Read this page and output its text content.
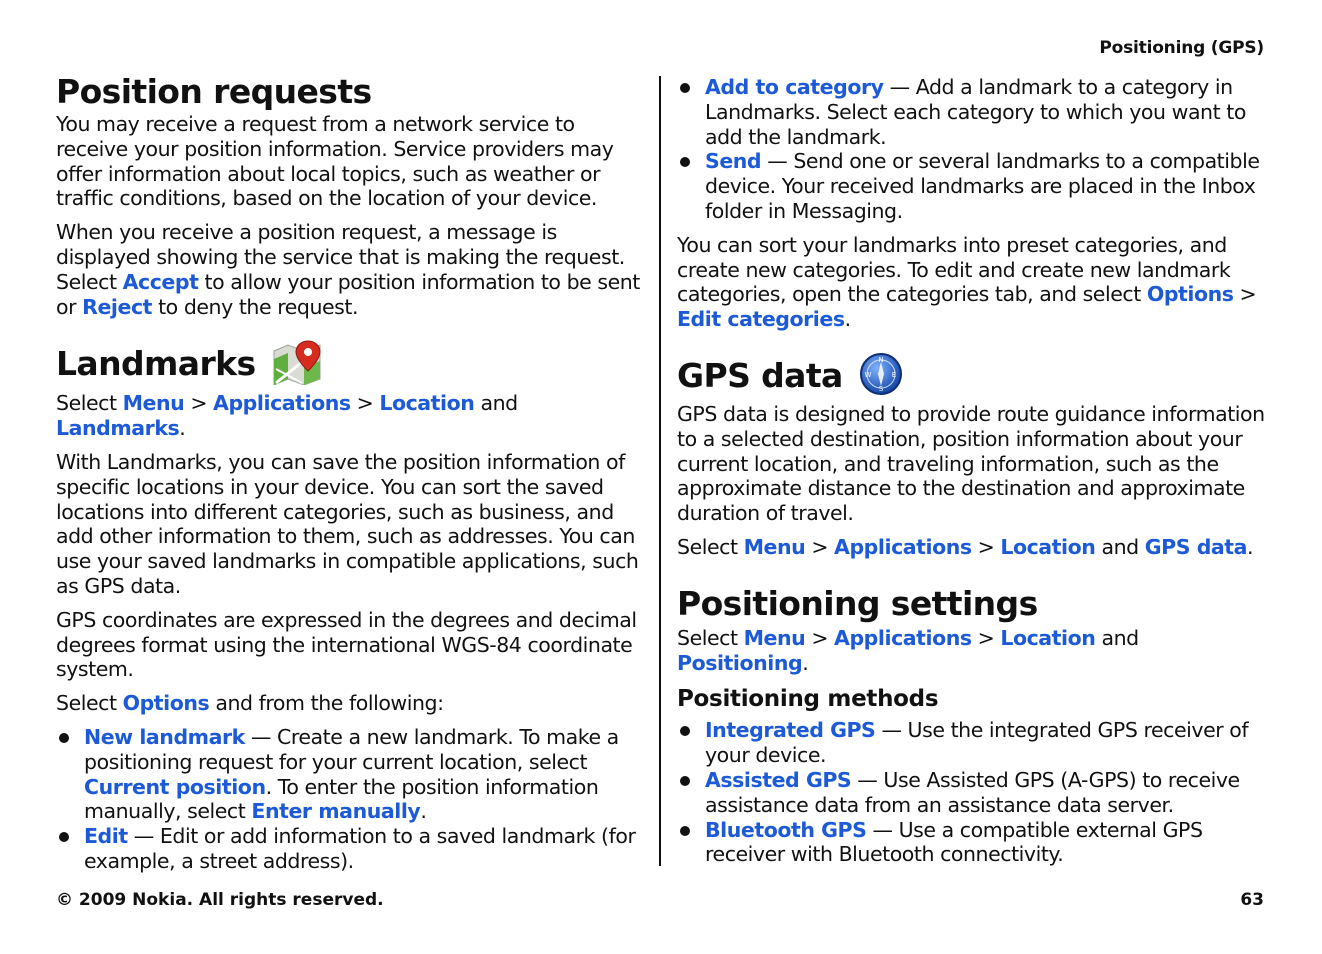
Positioning (GPS)
Position requests

You may receive a request from a network service to receive your position information. Service providers may offer information about local topics, such as weather or traffic conditions, based on the location of your device.

When you receive a position request, a message is displayed showing the service that is making the request. Select Accept to allow your position information to be sent or Reject to deny the request.

Landmarks

Select Menu > Applications > Location and Landmarks.

With Landmarks, you can save the position information of specific locations in your device. You can sort the saved locations into different categories, such as business, and add other information to them, such as addresses. You can use your saved landmarks in compatible applications, such as GPS data.

GPS coordinates are expressed in the degrees and decimal degrees format using the international WGS-84 coordinate system.

Select Options and from the following:

New landmark — Create a new landmark. To make a positioning request for your current location, select Current position. To enter the position information manually, select Enter manually.
Edit — Edit or add information to a saved landmark (for example, a street address).
Add to category — Add a landmark to a category in Landmarks. Select each category to which you want to add the landmark.
Send — Send one or several landmarks to a compatible device. Your received landmarks are placed in the Inbox folder in Messaging.

You can sort your landmarks into preset categories, and create new categories. To edit and create new landmark categories, open the categories tab, and select Options >Edit categories.

GPS data	N
W	E
S

GPS data is designed to provide route guidance information to a selected destination, position information about your current location, and traveling information, such as the approximate distance to the destination and approximate duration of travel.

Select Menu > Applications > Location and GPS data.

Positioning settings

Select Menu > Applications > Location and Positioning.

Positioning methods
Integrated GPS — Use the integrated GPS receiver of your device.
Assisted GPS — Use Assisted GPS (A-GPS) to receive assistance data from an assistance data server.
Bluetooth GPS — Use a compatible external GPS receiver with Bluetooth connectivity.
© 2009 Nokia. All rights reserved.	63
